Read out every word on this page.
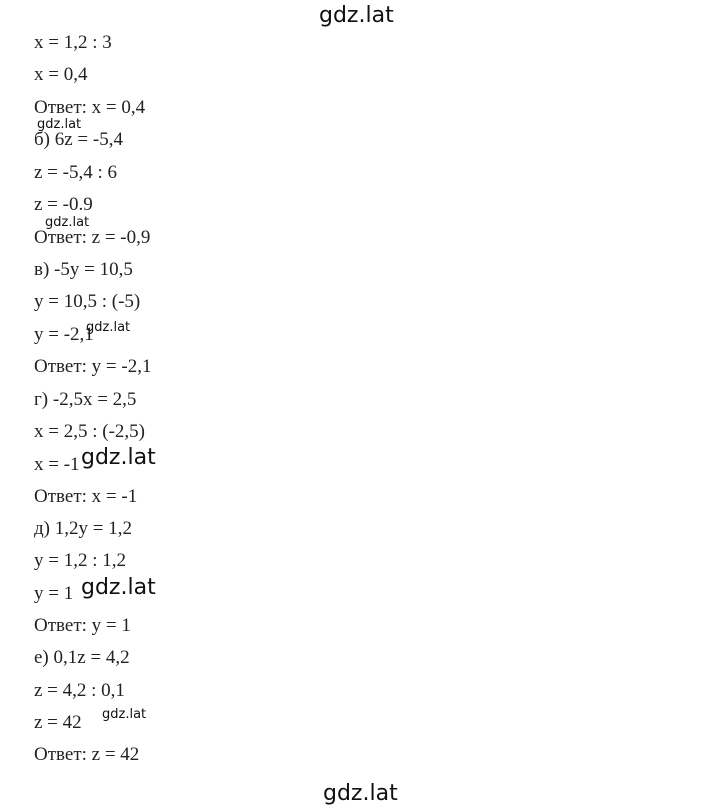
gdz.lat
x = 1,2 : 3
x = 0,4
Ответ: x = 0,4
gdz.lat
б) 6z = -5,4
z = -5,4 : 6
z = -0.9
gdz.lat
Ответ: z = -0,9
в) -5y = 10,5
y = 10,5 : (-5)
y = -2,1
gdz.lat
Ответ: y = -2,1
г) -2,5x = 2,5
x = 2,5 : (-2,5)
x = -1 gdz.lat
Ответ: x = -1
д) 1,2y = 1,2
y = 1,2 : 1,2
y = 1 gdz.lat
Ответ: y = 1
е) 0,1z = 4,2
z = 4,2 : 0,1
z = 42 gdz.lat
Ответ: z = 42
gdz.lat
